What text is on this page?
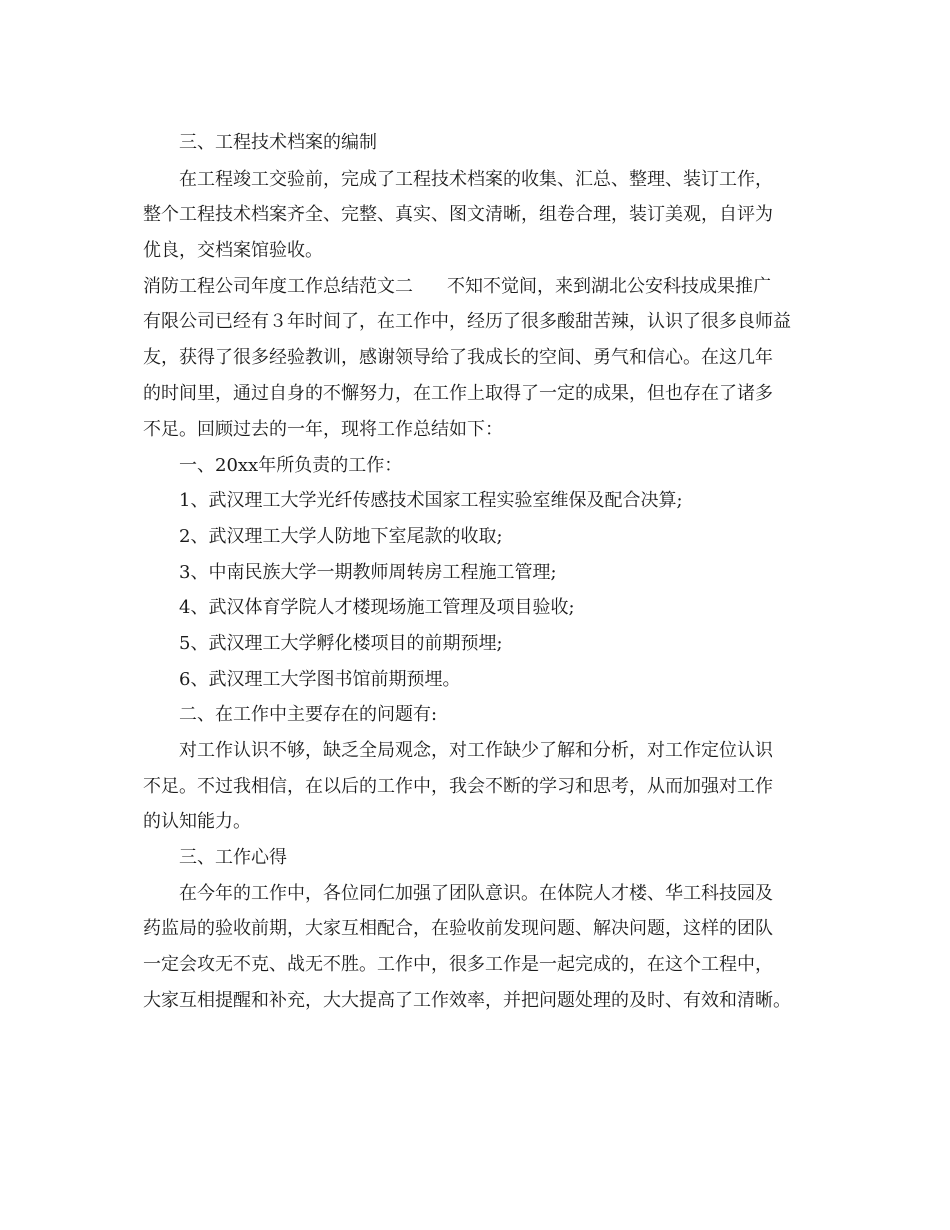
三、工程技术档案的编制
在工程竣工交验前，完成了工程技术档案的收集、汇总、整理、装订工作，
整个工程技术档案齐全、完整、真实、图文清晰，组卷合理，装订美观，自评为
优良，交档案馆验收。
消防工程公司年度工作总结范文二 不知不觉间，来到湖北公安科技成果推广
有限公司已经有３年时间了，在工作中，经历了很多酸甜苦辣，认识了很多良师益
友，获得了很多经验教训，感谢领导给了我成长的空间、勇气和信心。在这几年
的时间里，通过自身的不懈努力，在工作上取得了一定的成果，但也存在了诸多
不足。回顾过去的一年，现将工作总结如下：
一、20xx年所负责的工作：
1、武汉理工大学光纤传感技术国家工程实验室维保及配合决算;
2、武汉理工大学人防地下室尾款的收取;
3、中南民族大学一期教师周转房工程施工管理;
4、武汉体育学院人才楼现场施工管理及项目验收;
5、武汉理工大学孵化楼项目的前期预埋;
6、武汉理工大学图书馆前期预埋。
二、在工作中主要存在的问题有:
对工作认识不够，缺乏全局观念，对工作缺少了解和分析，对工作定位认识
不足。不过我相信，在以后的工作中，我会不断的学习和思考，从而加强对工作
的认知能力。
三、工作心得
在今年的工作中，各位同仁加强了团队意识。在体院人才楼、华工科技园及
药监局的验收前期，大家互相配合，在验收前发现问题、解决问题，这样的团队
一定会攻无不克、战无不胜。工作中，很多工作是一起完成的，在这个工程中，
大家互相提醒和补充，大大提高了工作效率，并把问题处理的及时、有效和清晰。
